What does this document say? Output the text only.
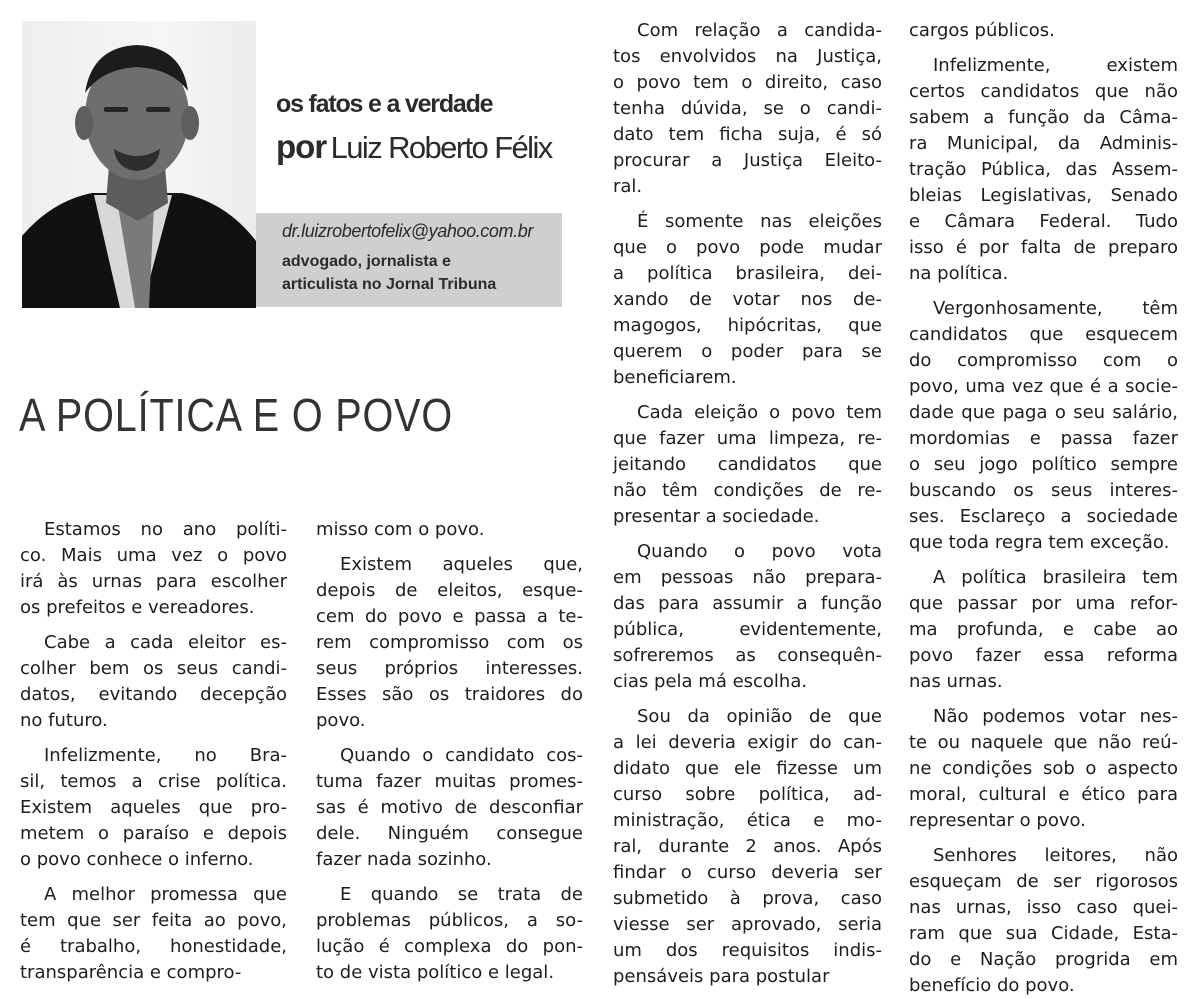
os fatos e a verdade
por Luiz Roberto Félix
dr.luizrobertofelix@yahoo.com.br
advogado, jornalista e
articulista no Jornal Tribuna
A POLÍTICA E O POVO
Estamos no ano políti-
co. Mais uma vez o povo
irá às urnas para escolher
os prefeitos e vereadores.
Cabe a cada eleitor es-
colher bem os seus candi-
datos, evitando decepção
no futuro.
Infelizmente, no Bra-
sil, temos a crise política.
Existem aqueles que pro-
metem o paraíso e depois
o povo conhece o inferno.
A melhor promessa que
tem que ser feita ao povo,
é trabalho, honestidade,
transparência e compro-
misso com o povo.
Existem aqueles que,
depois de eleitos, esque-
cem do povo e passa a te-
rem compromisso com os
seus próprios interesses.
Esses são os traidores do
povo.
Quando o candidato cos-
tuma fazer muitas promes-
sas é motivo de desconfiar
dele. Ninguém consegue
fazer nada sozinho.
E quando se trata de
problemas públicos, a so-
lução é complexa do pon-
to de vista político e legal.
Com relação a candida-
tos envolvidos na Justiça,
o povo tem o direito, caso
tenha dúvida, se o candi-
dato tem ficha suja, é só
procurar a Justiça Eleito-
ral.
É somente nas eleições
que o povo pode mudar
a política brasileira, dei-
xando de votar nos de-
magogos, hipócritas, que
querem o poder para se
beneficiarem.
Cada eleição o povo tem
que fazer uma limpeza, re-
jeitando candidatos que
não têm condições de re-
presentar a sociedade.
Quando o povo vota
em pessoas não prepara-
das para assumir a função
pública, evidentemente,
sofreremos as consequên-
cias pela má escolha.
Sou da opinião de que
a lei deveria exigir do can-
didato que ele fizesse um
curso sobre política, ad-
ministração, ética e mo-
ral, durante 2 anos. Após
findar o curso deveria ser
submetido à prova, caso
viesse ser aprovado, seria
um dos requisitos indis-
pensáveis para postular
cargos públicos.
Infelizmente, existem
certos candidatos que não
sabem a função da Câma-
ra Municipal, da Adminis-
tração Pública, das Assem-
bleias Legislativas, Senado
e Câmara Federal. Tudo
isso é por falta de preparo
na política.
Vergonhosamente, têm
candidatos que esquecem
do compromisso com o
povo, uma vez que é a socie-
dade que paga o seu salário,
mordomias e passa fazer
o seu jogo político sempre
buscando os seus interes-
ses. Esclareço a sociedade
que toda regra tem exceção.
A política brasileira tem
que passar por uma refor-
ma profunda, e cabe ao
povo fazer essa reforma
nas urnas.
Não podemos votar nes-
te ou naquele que não reú-
ne condições sob o aspecto
moral, cultural e ético para
representar o povo.
Senhores leitores, não
esqueçam de ser rigorosos
nas urnas, isso caso quei-
ram que sua Cidade, Esta-
do e Nação progrida em
benefício do povo.
